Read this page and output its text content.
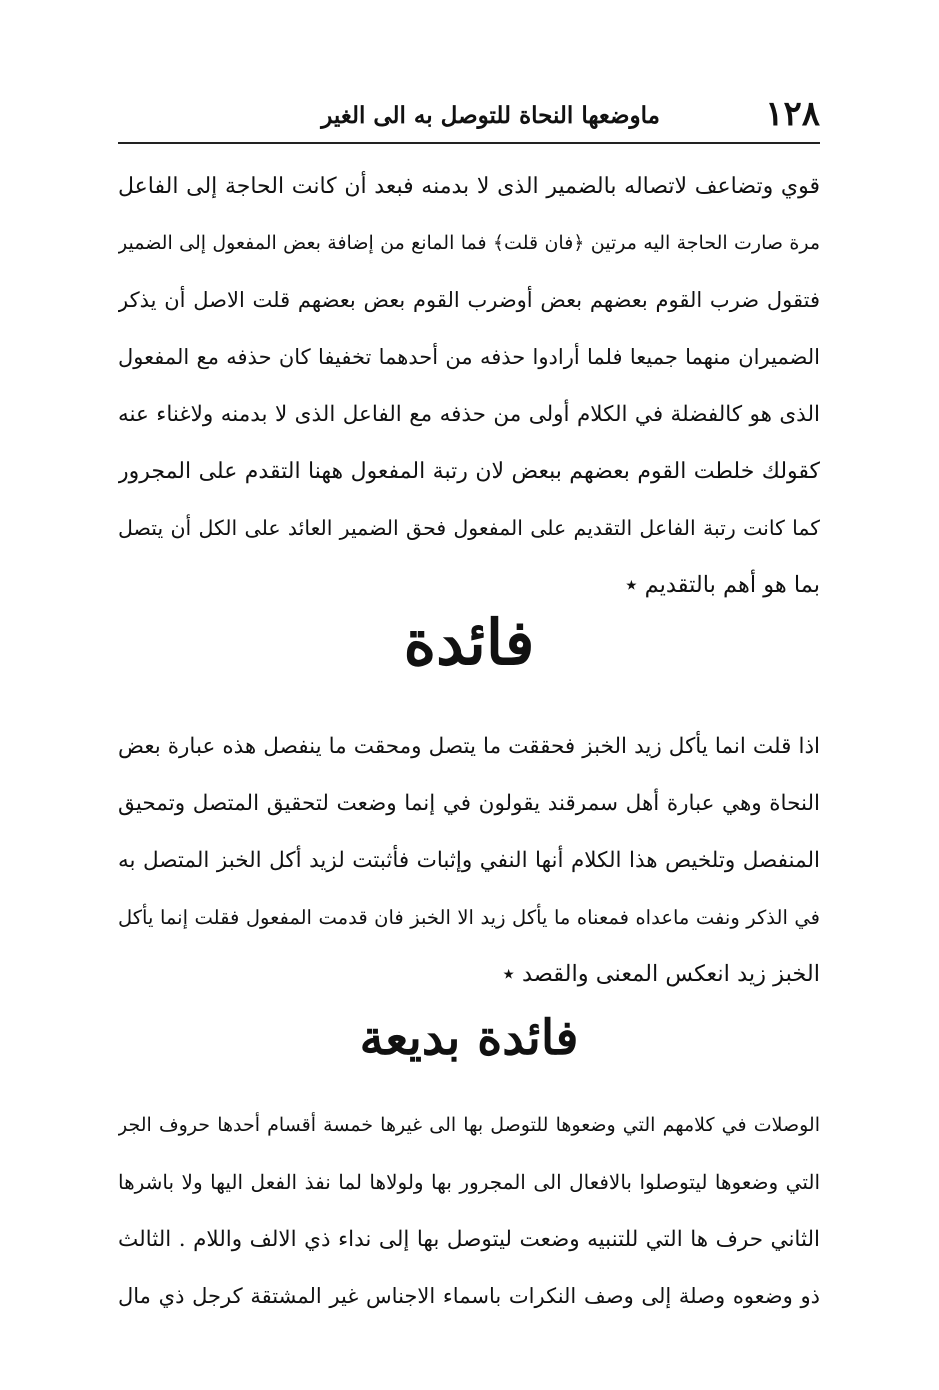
١٢٨
ماوضعها النحاة للتوصل به الى الغير
قوي وتضاعف لاتصاله بالضمير الذى لا بدمنه فبعد أن كانت الحاجة إلى الفاعل
مرة صارت الحاجة اليه مرتين ﴿فان قلت﴾ فما المانع من إضافة بعض المفعول إلى الضمير
فتقول ضرب القوم بعضهم بعض أوضرب القوم بعض بعضهم قلت الاصل أن يذكر
الضميران منهما جميعا فلما أرادوا حذفه من أحدهما تخفيفا كان حذفه مع المفعول
الذى هو كالفضلة في الكلام أولى من حذفه مع الفاعل الذى لا بدمنه ولاغناء عنه
كقولك خلطت القوم بعضهم ببعض لان رتبة المفعول ههنا التقدم على المجرور
كما كانت رتبة الفاعل التقديم على المفعول فحق الضمير العائد على الكل أن يتصل
بما هو أهم بالتقديم ٭
فائدة
اذا قلت انما يأكل زيد الخبز فحققت ما يتصل ومحقت ما ينفصل هذه عبارة بعض
النحاة وهي عبارة أهل سمرقند يقولون في إنما وضعت لتحقيق المتصل وتمحيق
المنفصل وتلخيص هذا الكلام أنها النفي وإثبات فأثبتت لزيد أكل الخبز المتصل به
في الذكر ونفت ماعداه فمعناه ما يأكل زيد الا الخبز فان قدمت المفعول فقلت إنما يأكل
الخبز زيد انعكس المعنى والقصد ٭
فائدة بديعة
الوصلات في كلامهم التي وضعوها للتوصل بها الى غيرها خمسة أقسام أحدها حروف الجر
التي وضعوها ليتوصلوا بالافعال الى المجرور بها ولولاها لما نفذ الفعل اليها ولا باشرها
الثاني حرف ها التي للتنبيه وضعت ليتوصل بها إلى نداء ذي الالف واللام . الثالث
ذو وضعوه وصلة إلى وصف النكرات باسماء الاجناس غير المشتقة كرجل ذي مال
